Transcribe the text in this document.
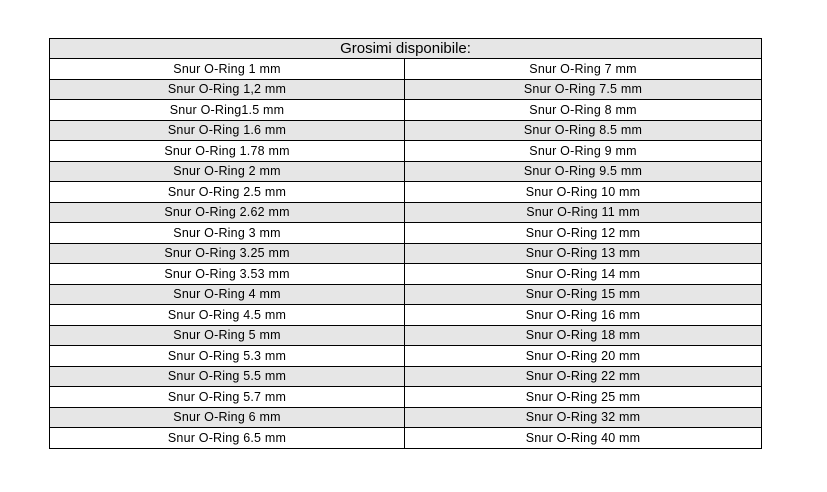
Grosimi disponibile:	
Snur O-Ring 1 mm	Snur O-Ring 7 mm
Snur O-Ring 1,2 mm	Snur O-Ring 7.5 mm
Snur O-Ring1.5 mm	Snur O-Ring 8 mm
Snur O-Ring 1.6 mm	Snur O-Ring 8.5 mm
Snur O-Ring 1.78 mm	Snur O-Ring 9 mm
Snur O-Ring 2 mm	Snur O-Ring 9.5 mm
Snur O-Ring 2.5 mm	Snur O-Ring 10 mm
Snur O-Ring 2.62 mm	Snur O-Ring 11 mm
Snur O-Ring 3 mm	Snur O-Ring 12 mm
Snur O-Ring 3.25 mm	Snur O-Ring 13 mm
Snur O-Ring 3.53 mm	Snur O-Ring 14 mm
Snur O-Ring 4 mm	Snur O-Ring 15 mm
Snur O-Ring 4.5 mm	Snur O-Ring 16 mm
Snur O-Ring 5 mm	Snur O-Ring 18 mm
Snur O-Ring 5.3 mm	Snur O-Ring 20 mm
Snur O-Ring 5.5 mm	Snur O-Ring 22 mm
Snur O-Ring 5.7 mm	Snur O-Ring 25 mm
Snur O-Ring 6 mm	Snur O-Ring 32 mm
Snur O-Ring 6.5 mm	Snur O-Ring 40 mm
